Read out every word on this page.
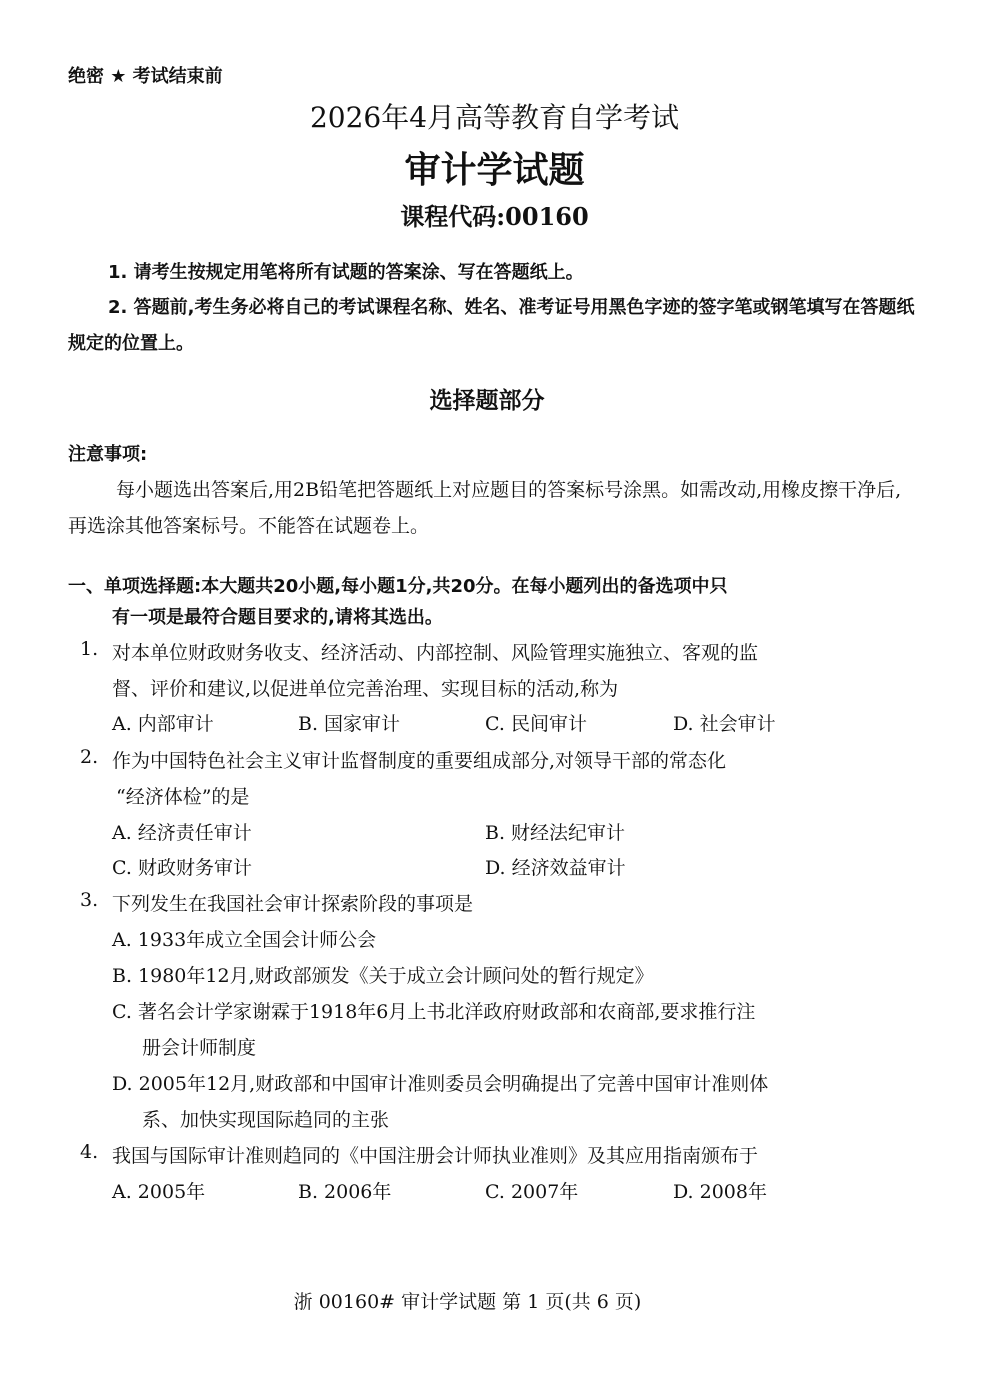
绝密 ★ 考试结束前
2026年4月高等教育自学考试
审计学试题
课程代码:00160
1. 请考生按规定用笔将所有试题的答案涂、写在答题纸上。
2. 答题前,考生务必将自己的考试课程名称、姓名、准考证号用黑色字迹的签字笔或钢笔填写在答题纸规定的位置上。
选择题部分
注意事项:
每小题选出答案后,用2B铅笔把答题纸上对应题目的答案标号涂黑。如需改动,用橡皮擦干净后,再选涂其他答案标号。不能答在试题卷上。
一、单项选择题:本大题共20小题,每小题1分,共20分。在每小题列出的备选项中只
有一项是最符合题目要求的,请将其选出。
1. 对本单位财政财务收支、经济活动、内部控制、风险管理实施独立、客观的监
督、评价和建议,以促进单位完善治理、实现目标的活动,称为
A. 内部审计	B. 国家审计	C. 民间审计	D. 社会审计
2. 作为中国特色社会主义审计监督制度的重要组成部分,对领导干部的常态化
“经济体检”的是
A. 经济责任审计	B. 财经法纪审计
C. 财政财务审计	D. 经济效益审计
3. 下列发生在我国社会审计探索阶段的事项是
A. 1933年成立全国会计师公会
B. 1980年12月,财政部颁发《关于成立会计顾问处的暂行规定》
C. 著名会计学家谢霖于1918年6月上书北洋政府财政部和农商部,要求推行注
册会计师制度
D. 2005年12月,财政部和中国审计准则委员会明确提出了完善中国审计准则体
系、加快实现国际趋同的主张
4. 我国与国际审计准则趋同的《中国注册会计师执业准则》及其应用指南颁布于
A. 2005年	B. 2006年	C. 2007年	D. 2008年
浙 00160# 审计学试题 第 1 页(共 6 页)
